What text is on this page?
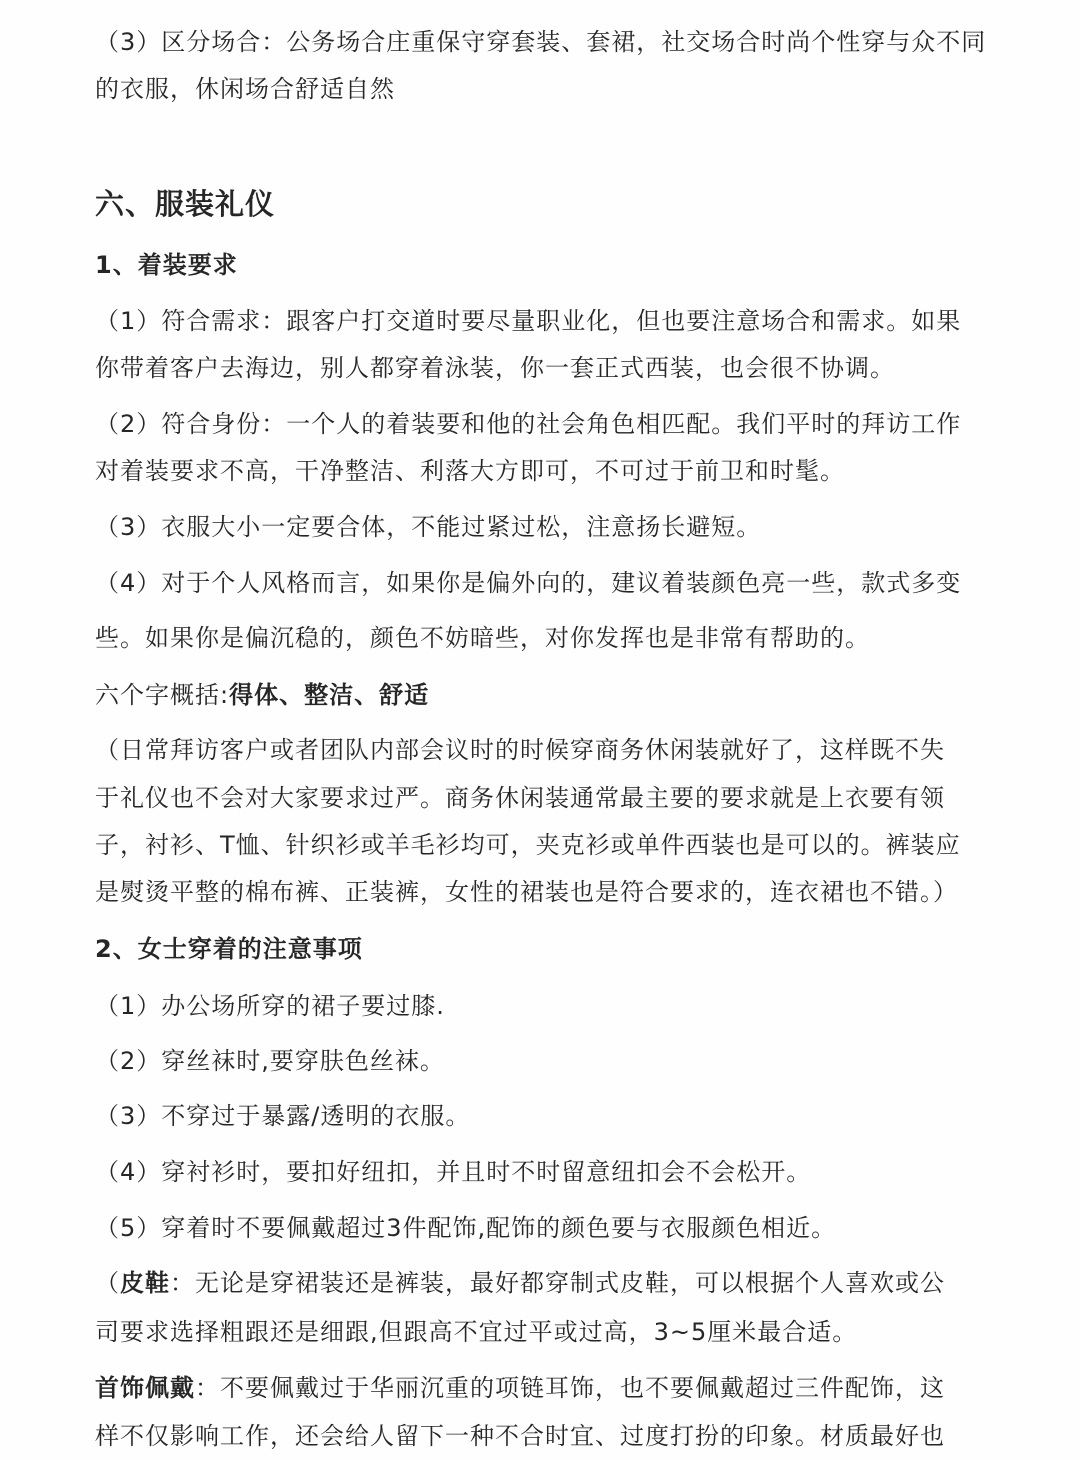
（3）区分场合：公务场合庄重保守穿套装、套裙，社交场合时尚个性穿与众不同

的衣服，休闲场合舒适自然

六、服装礼仪

1、着装要求

（1）符合需求：跟客户打交道时要尽量职业化，但也要注意场合和需求。如果

你带着客户去海边，别人都穿着泳装，你一套正式西装，也会很不协调。

（2）符合身份：一个人的着装要和他的社会角色相匹配。我们平时的拜访工作

对着装要求不高，干净整洁、利落大方即可，不可过于前卫和时髦。

（3）衣服大小一定要合体，不能过紧过松，注意扬长避短。

（4）对于个人风格而言，如果你是偏外向的，建议着装颜色亮一些，款式多变

些。如果你是偏沉稳的，颜色不妨暗些，对你发挥也是非常有帮助的。

六个字概括:得体、整洁、舒适

（日常拜访客户或者团队内部会议时的时候穿商务休闲装就好了，这样既不失

于礼仪也不会对大家要求过严。商务休闲装通常最主要的要求就是上衣要有领

子，衬衫、T恤、针织衫或羊毛衫均可，夹克衫或单件西装也是可以的。裤装应

是熨烫平整的棉布裤、正装裤，女性的裙装也是符合要求的，连衣裙也不错。）

2、女士穿着的注意事项

（1）办公场所穿的裙子要过膝.

（2）穿丝袜时,要穿肤色丝袜。

（3）不穿过于暴露/透明的衣服。

（4）穿衬衫时，要扣好纽扣，并且时不时留意纽扣会不会松开。

（5）穿着时不要佩戴超过3件配饰,配饰的颜色要与衣服颜色相近。

（皮鞋：无论是穿裙装还是裤装，最好都穿制式皮鞋，可以根据个人喜欢或公

司要求选择粗跟还是细跟,但跟高不宜过平或过高，3~5厘米最合适。

首饰佩戴：不要佩戴过于华丽沉重的项链耳饰，也不要佩戴超过三件配饰，这

样不仅影响工作，还会给人留下一种不合时宜、过度打扮的印象。材质最好也
